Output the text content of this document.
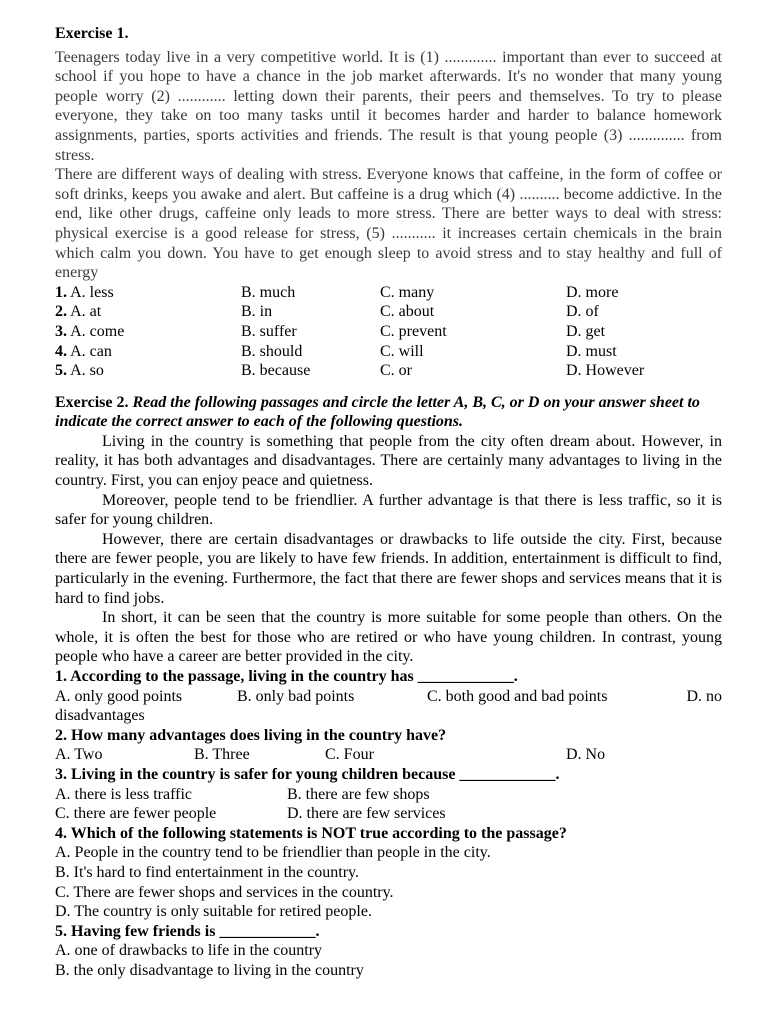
Exercise 1.

Teenagers today live in a very competitive world. It is (1) ............. important than ever to succeed at school if you hope to have a chance in the job market afterwards. It's no wonder that many young people worry (2) ............ letting down their parents, their peers and themselves. To try to please everyone, they take on too many tasks until it becomes harder and harder to balance homework assignments, parties, sports activities and friends. The result is that young people (3) .............. from stress.

There are different ways of dealing with stress. Everyone knows that caffeine, in the form of coffee or soft drinks, keeps you awake and alert. But caffeine is a drug which (4) .......... become addictive. In the end, like other drugs, caffeine only leads to more stress. There are better ways to deal with stress: physical exercise is a good release for stress, (5) ........... it increases certain chemicals in the brain which calm you down. You have to get enough sleep to avoid stress and to stay healthy and full of energy

1. A. less	B. much	C. many	D. more
2. A. at	B. in	C. about	D. of
3. A. come	B. suffer	C. prevent	D. get
4. A. can	B. should	C. will	D. must
5. A. so	B. because	C. or	D. However

Exercise 2. Read the following passages and circle the letter A, B, C, or D on your answer sheet to indicate the correct answer to each of the following questions.

Living in the country is something that people from the city often dream about. However, in reality, it has both advantages and disadvantages. There are certainly many advantages to living in the country. First, you can enjoy peace and quietness.

Moreover, people tend to be friendlier. A further advantage is that there is less traffic, so it is safer for young children.

However, there are certain disadvantages or drawbacks to life outside the city. First, because there are fewer people, you are likely to have few friends. In addition, entertainment is difficult to find, particularly in the evening. Furthermore, the fact that there are fewer shops and services means that it is hard to find jobs.

In short, it can be seen that the country is more suitable for some people than others. On the whole, it is often the best for those who are retired or who have young children. In contrast, young people who have a career are better provided in the city.

1. According to the passage, living in the country has ____________.

A. only good points	B. only bad points	C. both good and bad points	D. no

disadvantages

2. How many advantages does living in the country have?

A. Two	B. Three	C. Four	D. No

3. Living in the country is safer for young children because ____________.

A. there is less traffic	B. there are few shops
C. there are fewer people	D. there are few services

4. Which of the following statements is NOT true according to the passage?

A. People in the country tend to be friendlier than people in the city.

B. It's hard to find entertainment in the country.

C. There are fewer shops and services in the country.

D. The country is only suitable for retired people.

5. Having few friends is ____________.

A. one of drawbacks to life in the country

B. the only disadvantage to living in the country
